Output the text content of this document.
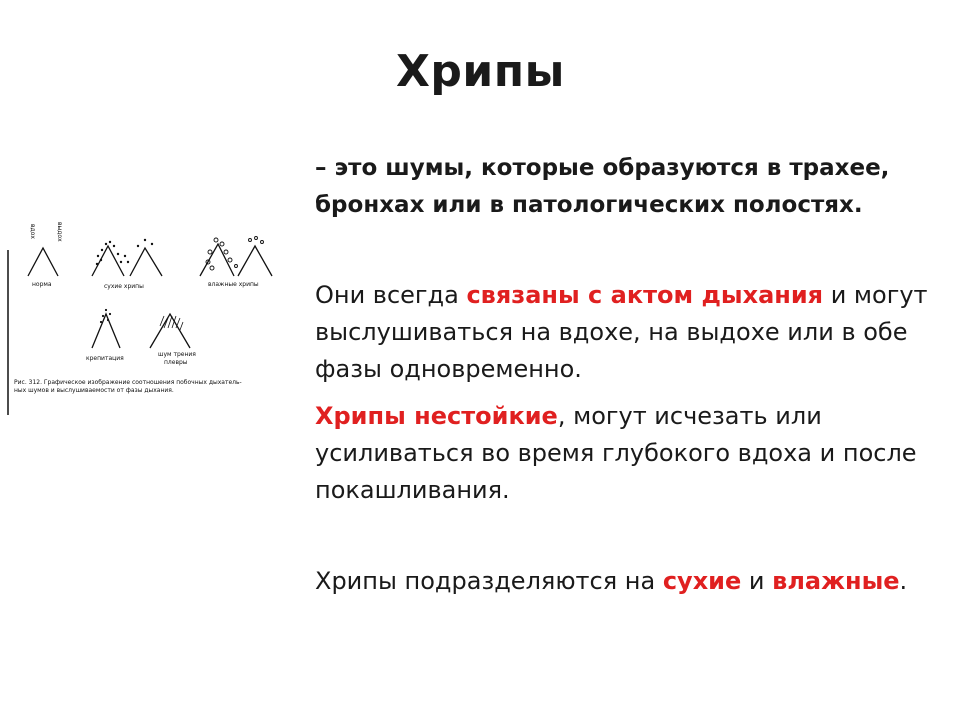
Хрипы
вдох	выдох
норма	сухие хрипы	влажные хрипы
крепитация
шум трения
плевры
Рис. 312. Графическое изображение соотношения побочных дыхатель-
ных шумов и выслушиваемости от фазы дыхания.
– это шумы, которые образуются в трахее, бронхах или в патологических полостях.
Они всегда связаны с актом дыхания и могут выслушиваться на вдохе, на выдохе или в обе фазы одновременно.
Хрипы нестойкие, могут исчезать или усиливаться во время глубокого вдоха и после покашливания.
Хрипы подразделяются на сухие и влажные.
